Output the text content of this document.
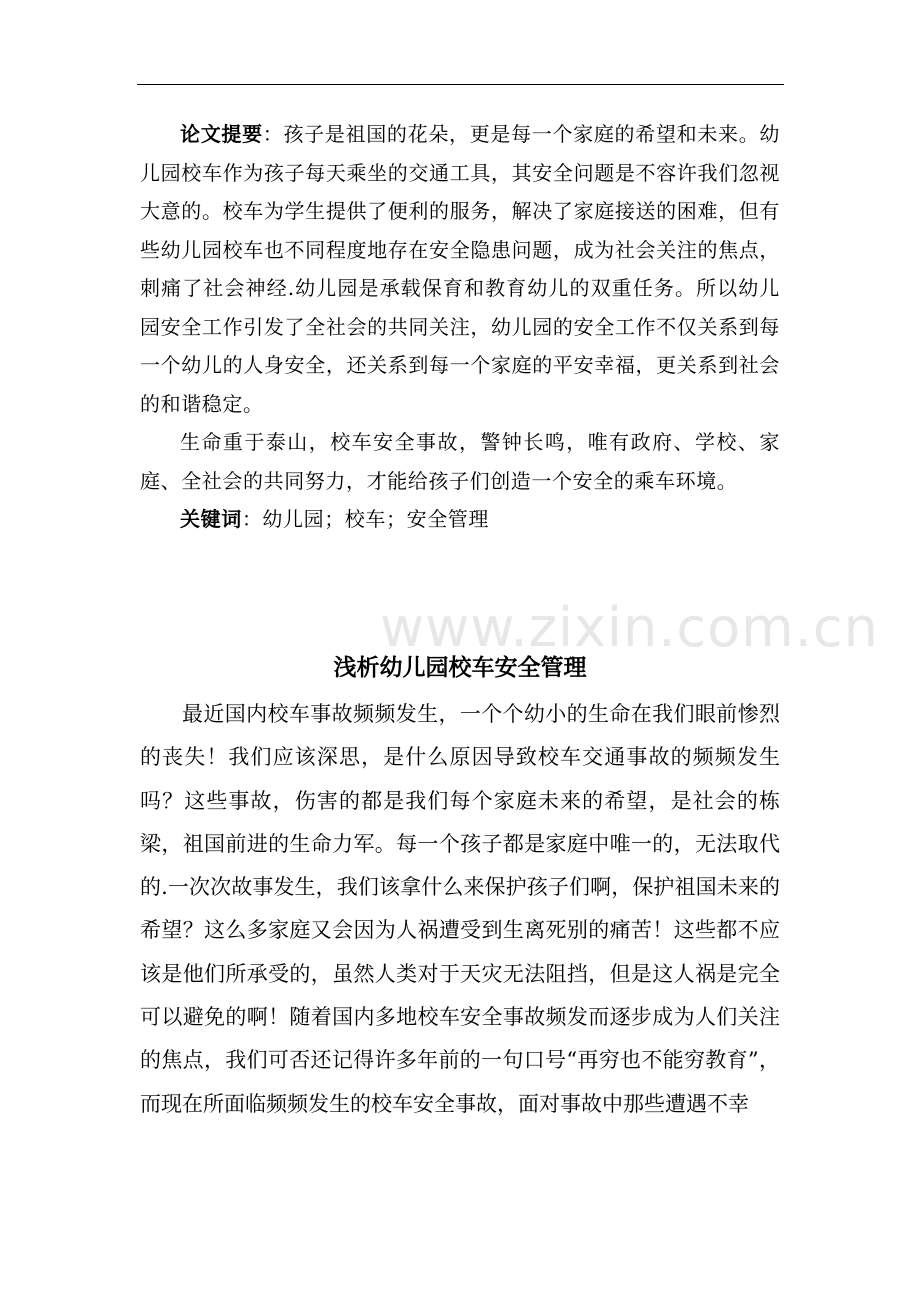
论文提要：孩子是祖国的花朵，更是每一个家庭的希望和未来。幼儿园校车作为孩子每天乘坐的交通工具，其安全问题是不容许我们忽视大意的。校车为学生提供了便利的服务，解决了家庭接送的困难，但有些幼儿园校车也不同程度地存在安全隐患问题，成为社会关注的焦点，刺痛了社会神经.幼儿园是承载保育和教育幼儿的双重任务。所以幼儿园安全工作引发了全社会的共同关注，幼儿园的安全工作不仅关系到每一个幼儿的人身安全，还关系到每一个家庭的平安幸福，更关系到社会的和谐稳定。

生命重于泰山，校车安全事故，警钟长鸣，唯有政府、学校、家庭、全社会的共同努力，才能给孩子们创造一个安全的乘车环境。

关键词：幼儿园；校车；安全管理

www.zixin.com.cn
浅析幼儿园校车安全管理

最近国内校车事故频频发生，一个个幼小的生命在我们眼前惨烈的丧失！我们应该深思，是什么原因导致校车交通事故的频频发生吗？这些事故，伤害的都是我们每个家庭未来的希望，是社会的栋梁，祖国前进的生命力军。每一个孩子都是家庭中唯一的，无法取代的.一次次故事发生，我们该拿什么来保护孩子们啊，保护祖国未来的希望？这么多家庭又会因为人祸遭受到生离死别的痛苦！这些都不应该是他们所承受的，虽然人类对于天灾无法阻挡，但是这人祸是完全可以避免的啊！随着国内多地校车安全事故频发而逐步成为人们关注的焦点，我们可否还记得许多年前的一句口号“再穷也不能穷教育”，而现在所面临频频发生的校车安全事故，面对事故中那些遭遇不幸
